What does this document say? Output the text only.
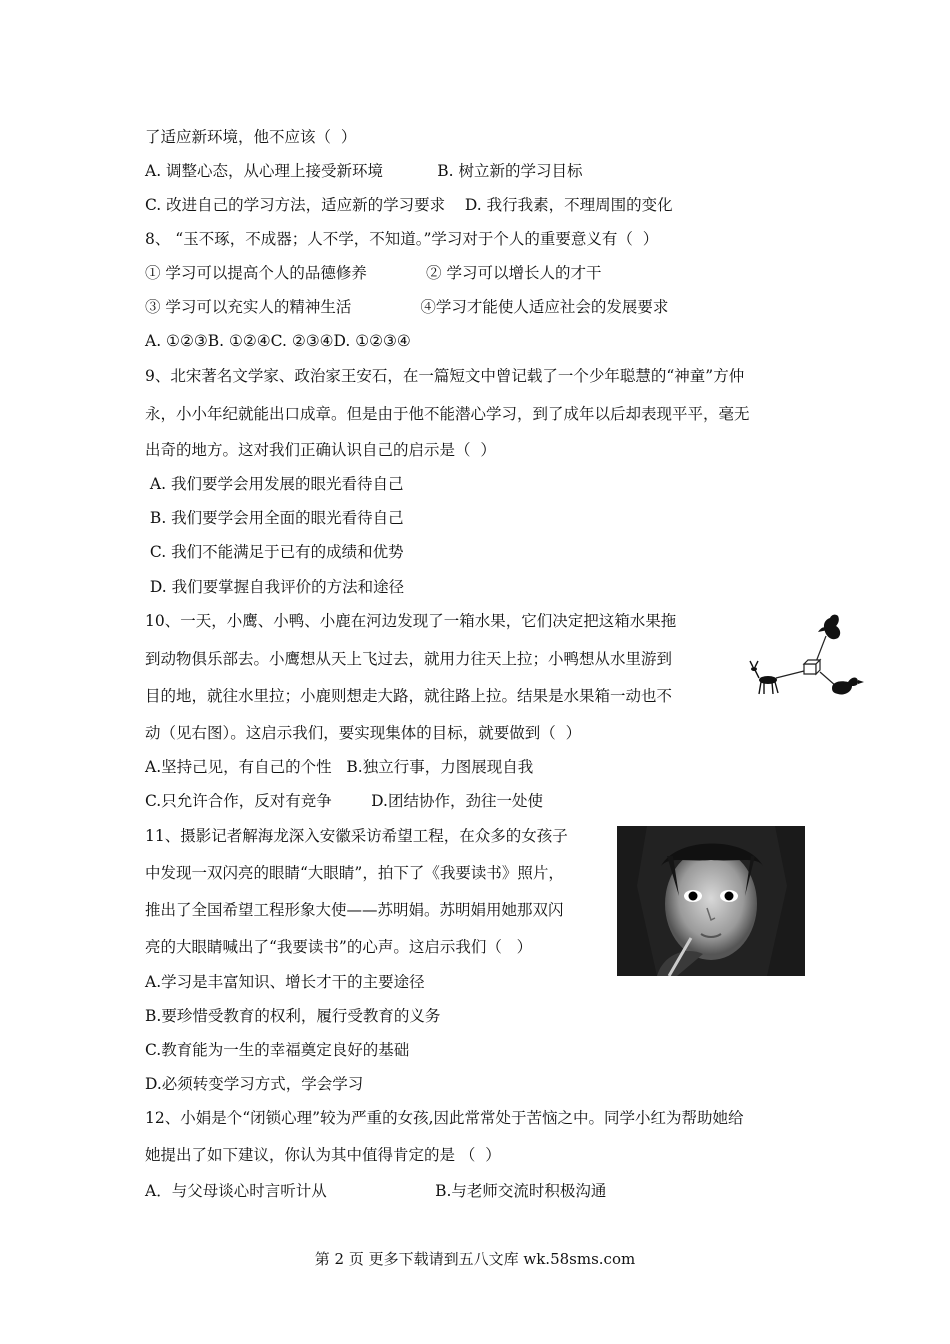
了适应新环境，他不应该（  ）
A. 调整心态，从心理上接受新环境           B. 树立新的学习目标
C. 改进自己的学习方法，适应新的学习要求    D. 我行我素，不理周围的变化
8、 “玉不琢，不成器；人不学，不知道。”学习对于个人的重要意义有（  ）
① 学习可以提高个人的品德修养            ② 学习可以增长人的才干
③ 学习可以充实人的精神生活              ④学习才能使人适应社会的发展要求
A. ①②③B. ①②④C. ②③④D. ①②③④
9、北宋著名文学家、政治家王安石，在一篇短文中曾记载了一个少年聪慧的“神童”方仲
永，小小年纪就能出口成章。但是由于他不能潜心学习，到了成年以后却表现平平，毫无
出奇的地方。这对我们正确认识自己的启示是（  ）
A. 我们要学会用发展的眼光看待自己
B. 我们要学会用全面的眼光看待自己
C. 我们不能满足于已有的成绩和优势
D. 我们要掌握自我评价的方法和途径
10、一天，小鹰、小鸭、小鹿在河边发现了一箱水果，它们决定把这箱水果拖
到动物俱乐部去。小鹰想从天上飞过去，就用力往天上拉；小鸭想从水里游到
目的地，就往水里拉；小鹿则想走大路，就往路上拉。结果是水果箱一动也不
动（见右图）。这启示我们，要实现集体的目标，就要做到（  ）
A.坚持己见，有自己的个性   B.独立行事，力图展现自我
C.只允许合作，反对有竞争        D.团结协作，劲往一处使
11、摄影记者解海龙深入安徽采访希望工程，在众多的女孩子
中发现一双闪亮的眼睛“大眼睛”，拍下了《我要读书》照片，
推出了全国希望工程形象大使——苏明娟。苏明娟用她那双闪
亮的大眼睛喊出了“我要读书”的心声。这启示我们（   ）
A.学习是丰富知识、增长才干的主要途径
B.要珍惜受教育的权利，履行受教育的义务
C.教育能为一生的幸福奠定良好的基础
D.必须转变学习方式，学会学习
12、小娟是个“闭锁心理”较为严重的女孩,因此常常处于苦恼之中。同学小红为帮助她给
她提出了如下建议，你认为其中值得肯定的是 （  ）
A．与父母谈心时言听计从                      B.与老师交流时积极沟通
第 2 页 更多下载请到五八文库 wk.58sms.com
